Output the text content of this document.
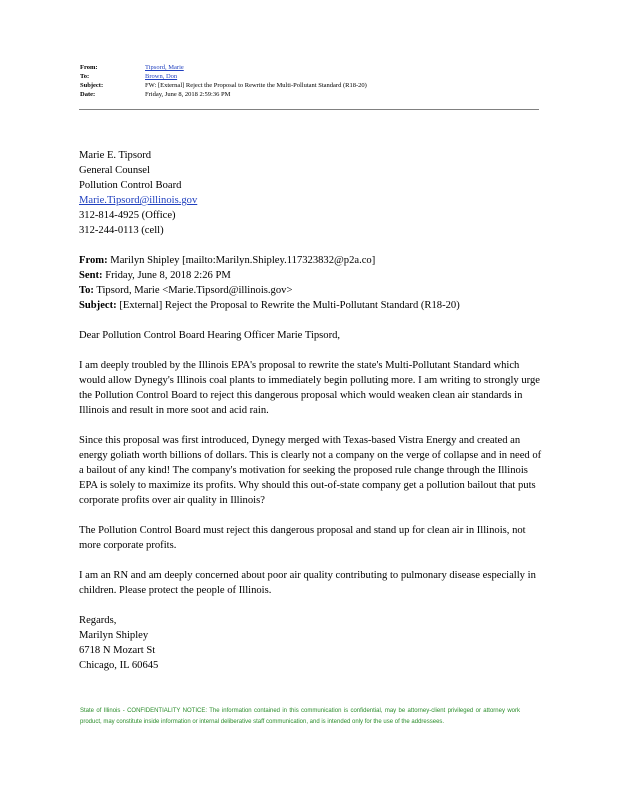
From:	Tipsord, Marie
To:	Brown, Don
Subject:	FW: [External] Reject the Proposal to Rewrite the Multi-Pollutant Standard (R18-20)
Date:	Friday, June 8, 2018 2:59:36 PM

Marie E. Tipsord

General Counsel

Pollution Control Board

Marie.Tipsord@illinois.gov

312-814-4925 (Office)

312-244-0113 (cell)

From: Marilyn Shipley [mailto:Marilyn.Shipley.117323832@p2a.co]

Sent: Friday, June 8, 2018 2:26 PM

To: Tipsord, Marie <Marie.Tipsord@illinois.gov>

Subject: [External] Reject the Proposal to Rewrite the Multi-Pollutant Standard (R18-20)

Dear Pollution Control Board Hearing Officer Marie Tipsord,

I am deeply troubled by the Illinois EPA's proposal to rewrite the state's Multi-Pollutant Standard which would allow Dynegy's Illinois coal plants to immediately begin polluting more. I am writing to strongly urge the Pollution Control Board to reject this dangerous proposal which would weaken clean air standards in Illinois and result in more soot and acid rain.

Since this proposal was first introduced, Dynegy merged with Texas-based Vistra Energy and created an energy goliath worth billions of dollars. This is clearly not a company on the verge of collapse and in need of a bailout of any kind! The company's motivation for seeking the proposed rule change through the Illinois EPA is solely to maximize its profits. Why should this out-of-state company get a pollution bailout that puts corporate profits over air quality in Illinois?

The Pollution Control Board must reject this dangerous proposal and stand up for clean air in Illinois, not more corporate profits.

I am an RN and am deeply concerned about poor air quality contributing to pulmonary disease especially in children. Please protect the people of Illinois.

Regards,

Marilyn Shipley

6718 N Mozart St

Chicago, IL 60645

State of Illinois - CONFIDENTIALITY NOTICE: The information contained in this communication is confidential, may be attorney-client privileged or attorney work product, may constitute inside information or internal deliberative staff communication, and is intended only for the use of the addressees.
